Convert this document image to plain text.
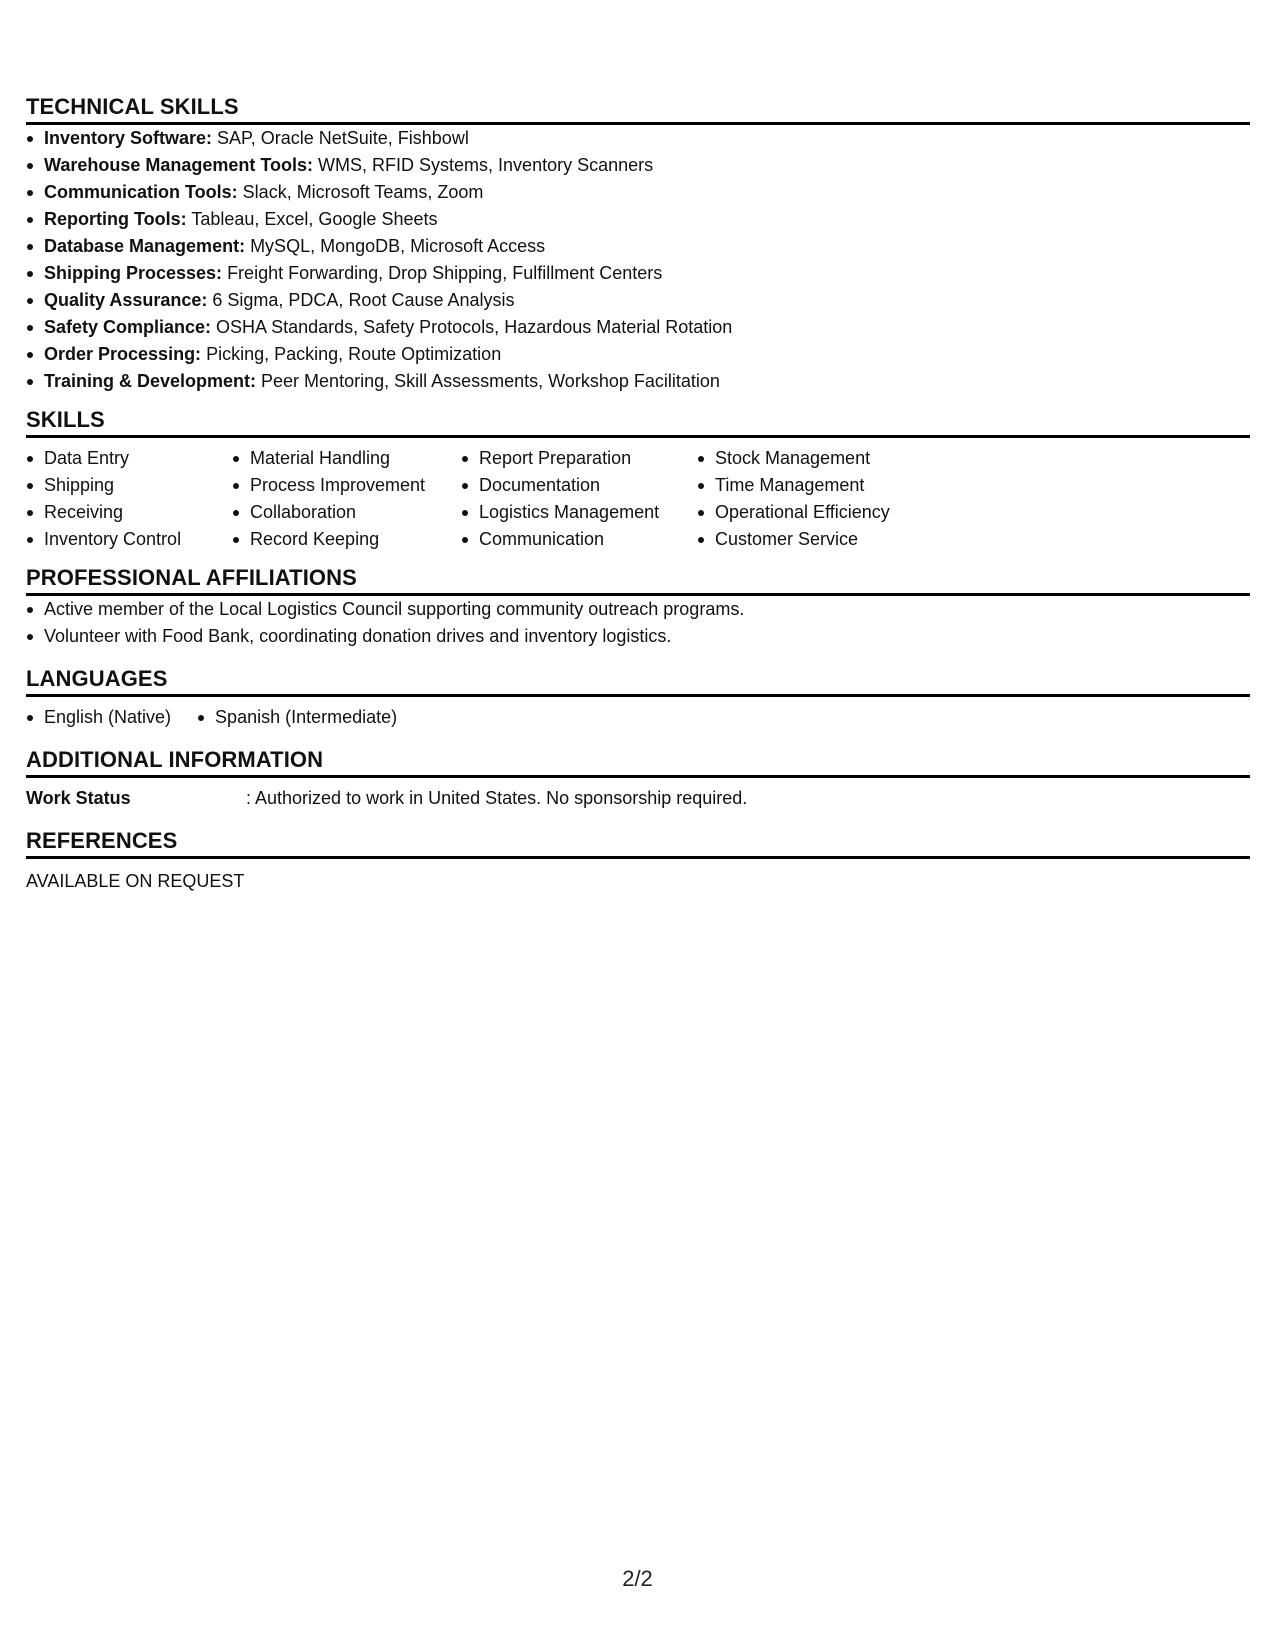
TECHNICAL SKILLS
Inventory Software: SAP, Oracle NetSuite, Fishbowl
Warehouse Management Tools: WMS, RFID Systems, Inventory Scanners
Communication Tools: Slack, Microsoft Teams, Zoom
Reporting Tools: Tableau, Excel, Google Sheets
Database Management: MySQL, MongoDB, Microsoft Access
Shipping Processes: Freight Forwarding, Drop Shipping, Fulfillment Centers
Quality Assurance: 6 Sigma, PDCA, Root Cause Analysis
Safety Compliance: OSHA Standards, Safety Protocols, Hazardous Material Rotation
Order Processing: Picking, Packing, Route Optimization
Training & Development: Peer Mentoring, Skill Assessments, Workshop Facilitation
SKILLS
Data Entry
Shipping
Receiving
Inventory Control
Material Handling
Process Improvement
Collaboration
Record Keeping
Report Preparation
Documentation
Logistics Management
Communication
Stock Management
Time Management
Operational Efficiency
Customer Service
PROFESSIONAL AFFILIATIONS
Active member of the Local Logistics Council supporting community outreach programs.
Volunteer with Food Bank, coordinating donation drives and inventory logistics.
LANGUAGES
English (Native)	Spanish (Intermediate)
ADDITIONAL INFORMATION
Work Status	: Authorized to work in United States. No sponsorship required.
REFERENCES
AVAILABLE ON REQUEST
2/2
